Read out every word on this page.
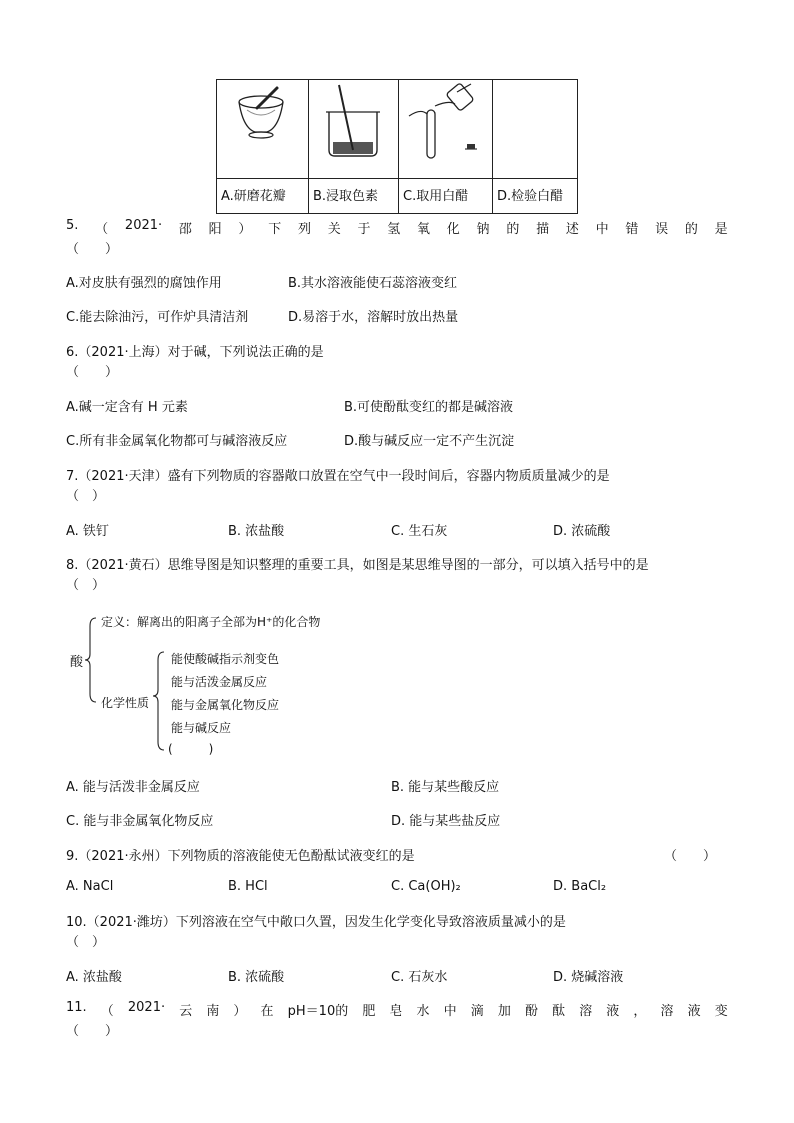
A.研磨花瓣	B.浸取色素	C.取用白醋	D.检验白醋
5. （ 2021· 邵 阳 ） 下 列 关 于 氢 氧 化 钠 的 描 述 中 错 误 的 是
（　　）
A.对皮肤有强烈的腐蚀作用	B.其水溶液能使石蕊溶液变红
C.能去除油污，可作炉具清洁剂	D.易溶于水，溶解时放出热量
6.（2021·上海）对于碱，下列说法正确的是
（　　）
A.碱一定含有 H 元素	B.可使酚酞变红的都是碱溶液
C.所有非金属氧化物都可与碱溶液反应	D.酸与碱反应一定不产生沉淀
7.（2021·天津）盛有下列物质的容器敞口放置在空气中一段时间后，容器内物质质量减少的是
（　）
A. 铁钉	B. 浓盐酸	C. 生石灰	D. 浓硫酸
8.（2021·黄石）思维导图是知识整理的重要工具，如图是某思维导图的一部分，可以填入括号中的是
（　）
酸
定义：解离出的阳离子全部为H⁺的化合物
化学性质
能使酸碱指示剂变色
能与活泼金属反应
能与金属氧化物反应
能与碱反应
(　　　)
A. 能与活泼非金属反应	B. 能与某些酸反应
C. 能与非金属氧化物反应	D. 能与某些盐反应
9.（2021·永州）下列物质的溶液能使无色酚酞试液变红的是	（　　）
A. NaCl	B. HCl	C. Ca(OH)₂	D. BaCl₂
10.（2021·潍坊）下列溶液在空气中敞口久置，因发生化学变化导致溶液质量减小的是
（　）
A. 浓盐酸	B. 浓硫酸	C. 石灰水	D. 烧碱溶液
11. （ 2021· 云 南 ） 在 pH＝10的 肥 皂 水 中 滴 加 酚 酞 溶 液 ， 溶 液 变
（　　）
